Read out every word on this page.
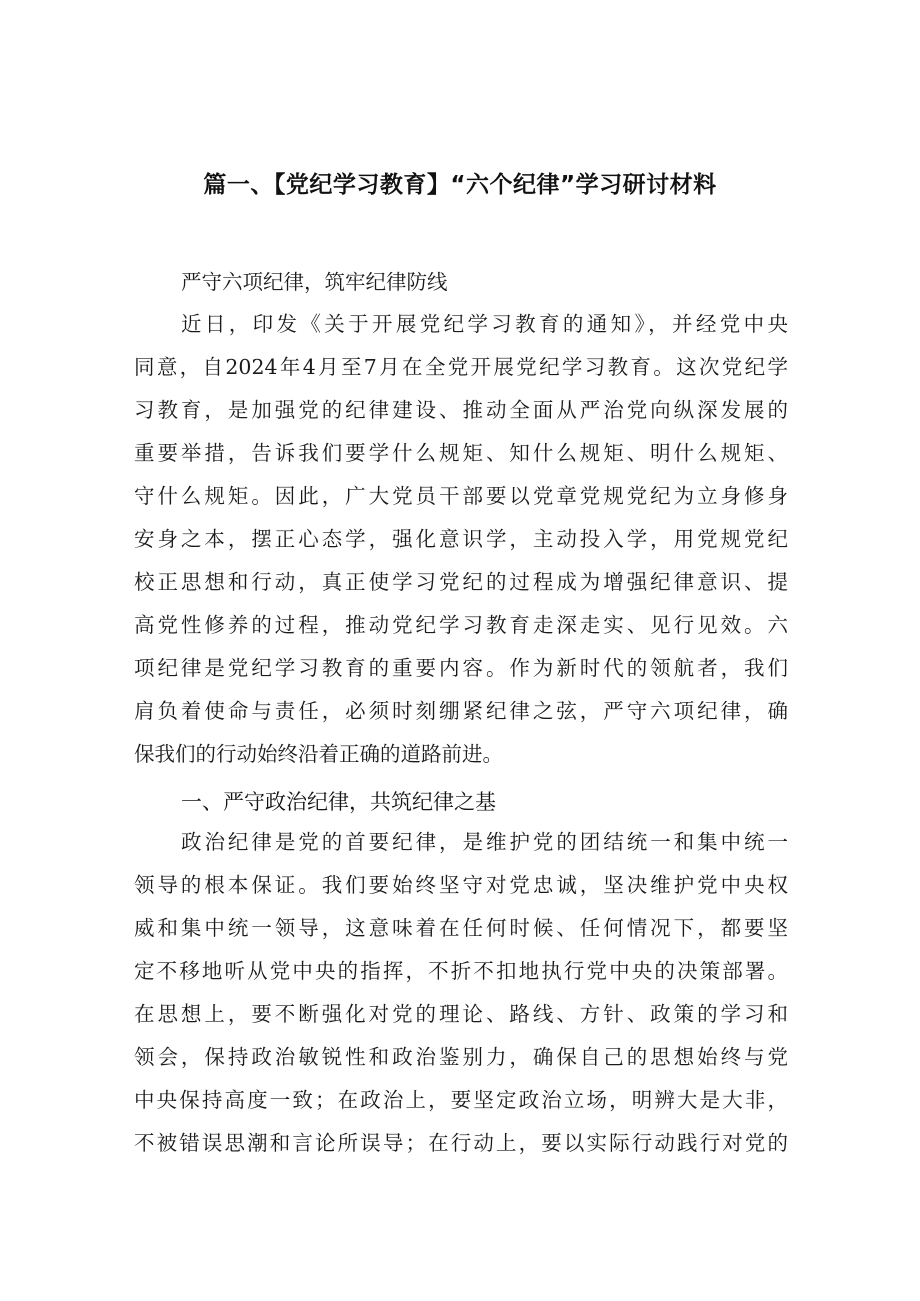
篇一、【党纪学习教育】“六个纪律”学习研讨材料
严守六项纪律，筑牢纪律防线
近日，印发《关于开展党纪学习教育的通知》，并经党中央
同意，自2024年4月至7月在全党开展党纪学习教育。这次党纪学
习教育，是加强党的纪律建设、推动全面从严治党向纵深发展的
重要举措，告诉我们要学什么规矩、知什么规矩、明什么规矩、
守什么规矩。因此，广大党员干部要以党章党规党纪为立身修身
安身之本，摆正心态学，强化意识学，主动投入学，用党规党纪
校正思想和行动，真正使学习党纪的过程成为增强纪律意识、提
高党性修养的过程，推动党纪学习教育走深走实、见行见效。六
项纪律是党纪学习教育的重要内容。作为新时代的领航者，我们
肩负着使命与责任，必须时刻绷紧纪律之弦，严守六项纪律，确
保我们的行动始终沿着正确的道路前进。
一、严守政治纪律，共筑纪律之基
政治纪律是党的首要纪律，是维护党的团结统一和集中统一
领导的根本保证。我们要始终坚守对党忠诚，坚决维护党中央权
威和集中统一领导，这意味着在任何时候、任何情况下，都要坚
定不移地听从党中央的指挥，不折不扣地执行党中央的决策部署。
在思想上，要不断强化对党的理论、路线、方针、政策的学习和
领会，保持政治敏锐性和政治鉴别力，确保自己的思想始终与党
中央保持高度一致；在政治上，要坚定政治立场，明辨大是大非，
不被错误思潮和言论所误导；在行动上，要以实际行动践行对党的
